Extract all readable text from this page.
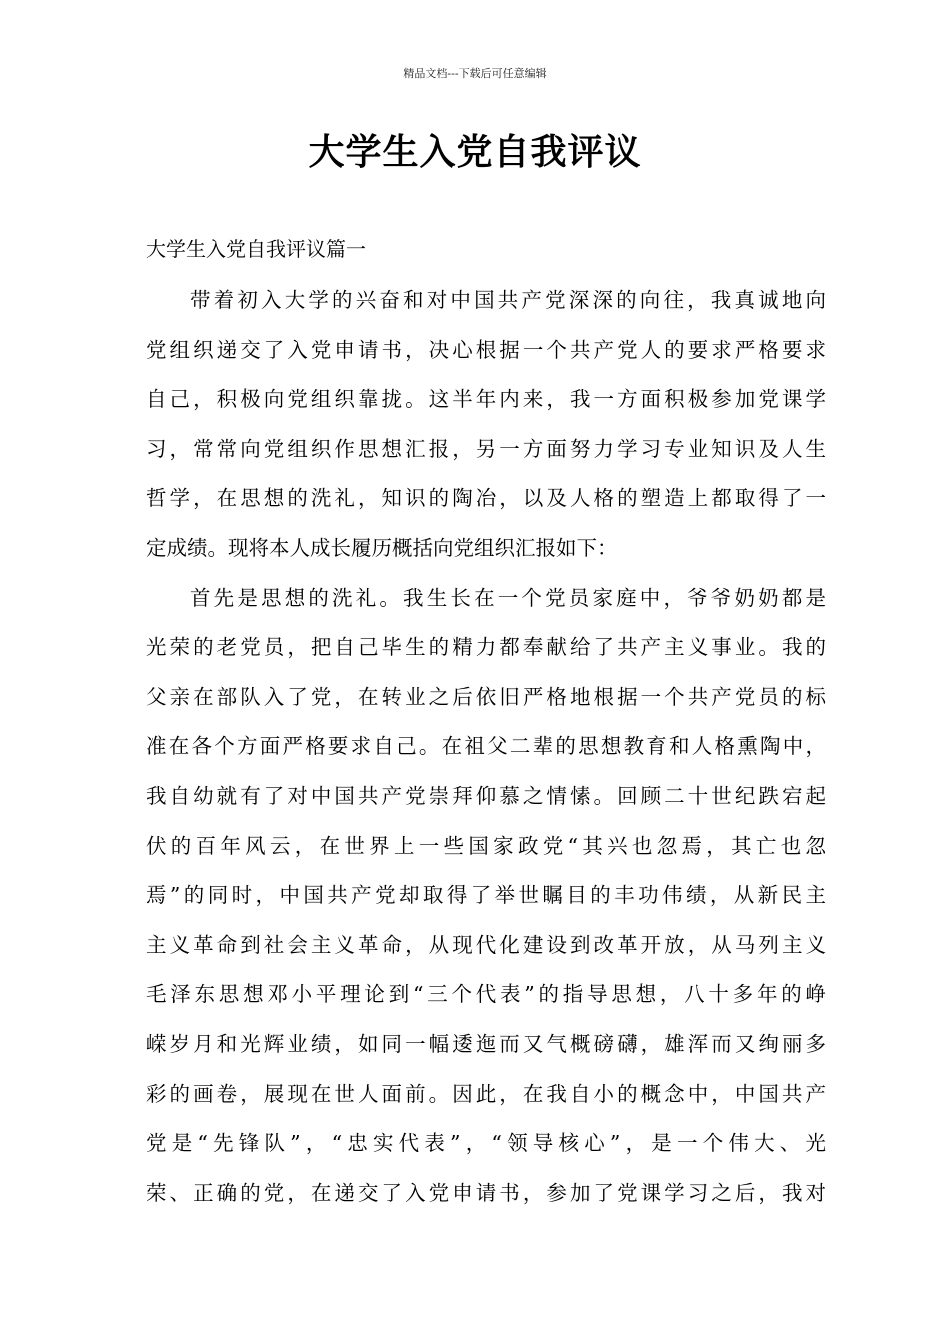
精品文档---下载后可任意编辑
大学生入党自我评议
大学生入党自我评议篇一
带着初入大学的兴奋和对中国共产党深深的向往，我真诚地向
党组织递交了入党申请书，决心根据一个共产党人的要求严格要求
自己，积极向党组织靠拢。这半年内来，我一方面积极参加党课学
习，常常向党组织作思想汇报，另一方面努力学习专业知识及人生
哲学，在思想的洗礼，知识的陶冶，以及人格的塑造上都取得了一
定成绩。现将本人成长履历概括向党组织汇报如下：
首先是思想的洗礼。我生长在一个党员家庭中，爷爷奶奶都是
光荣的老党员，把自己毕生的精力都奉献给了共产主义事业。我的
父亲在部队入了党，在转业之后依旧严格地根据一个共产党员的标
准在各个方面严格要求自己。在祖父二辈的思想教育和人格熏陶中，
我自幼就有了对中国共产党崇拜仰慕之情愫。回顾二十世纪跌宕起
伏的百年风云，在世界上一些国家政党“其兴也忽焉，其亡也忽
焉”的同时，中国共产党却取得了举世瞩目的丰功伟绩，从新民主
主义革命到社会主义革命，从现代化建设到改革开放，从马列主义
毛泽东思想邓小平理论到“三个代表”的指导思想，八十多年的峥
嵘岁月和光辉业绩，如同一幅逶迤而又气概磅礴，雄浑而又绚丽多
彩的画卷，展现在世人面前。因此，在我自小的概念中，中国共产
党是“先锋队”，“忠实代表”，“领导核心”，是一个伟大、光
荣、正确的党，在递交了入党申请书，参加了党课学习之后，我对
